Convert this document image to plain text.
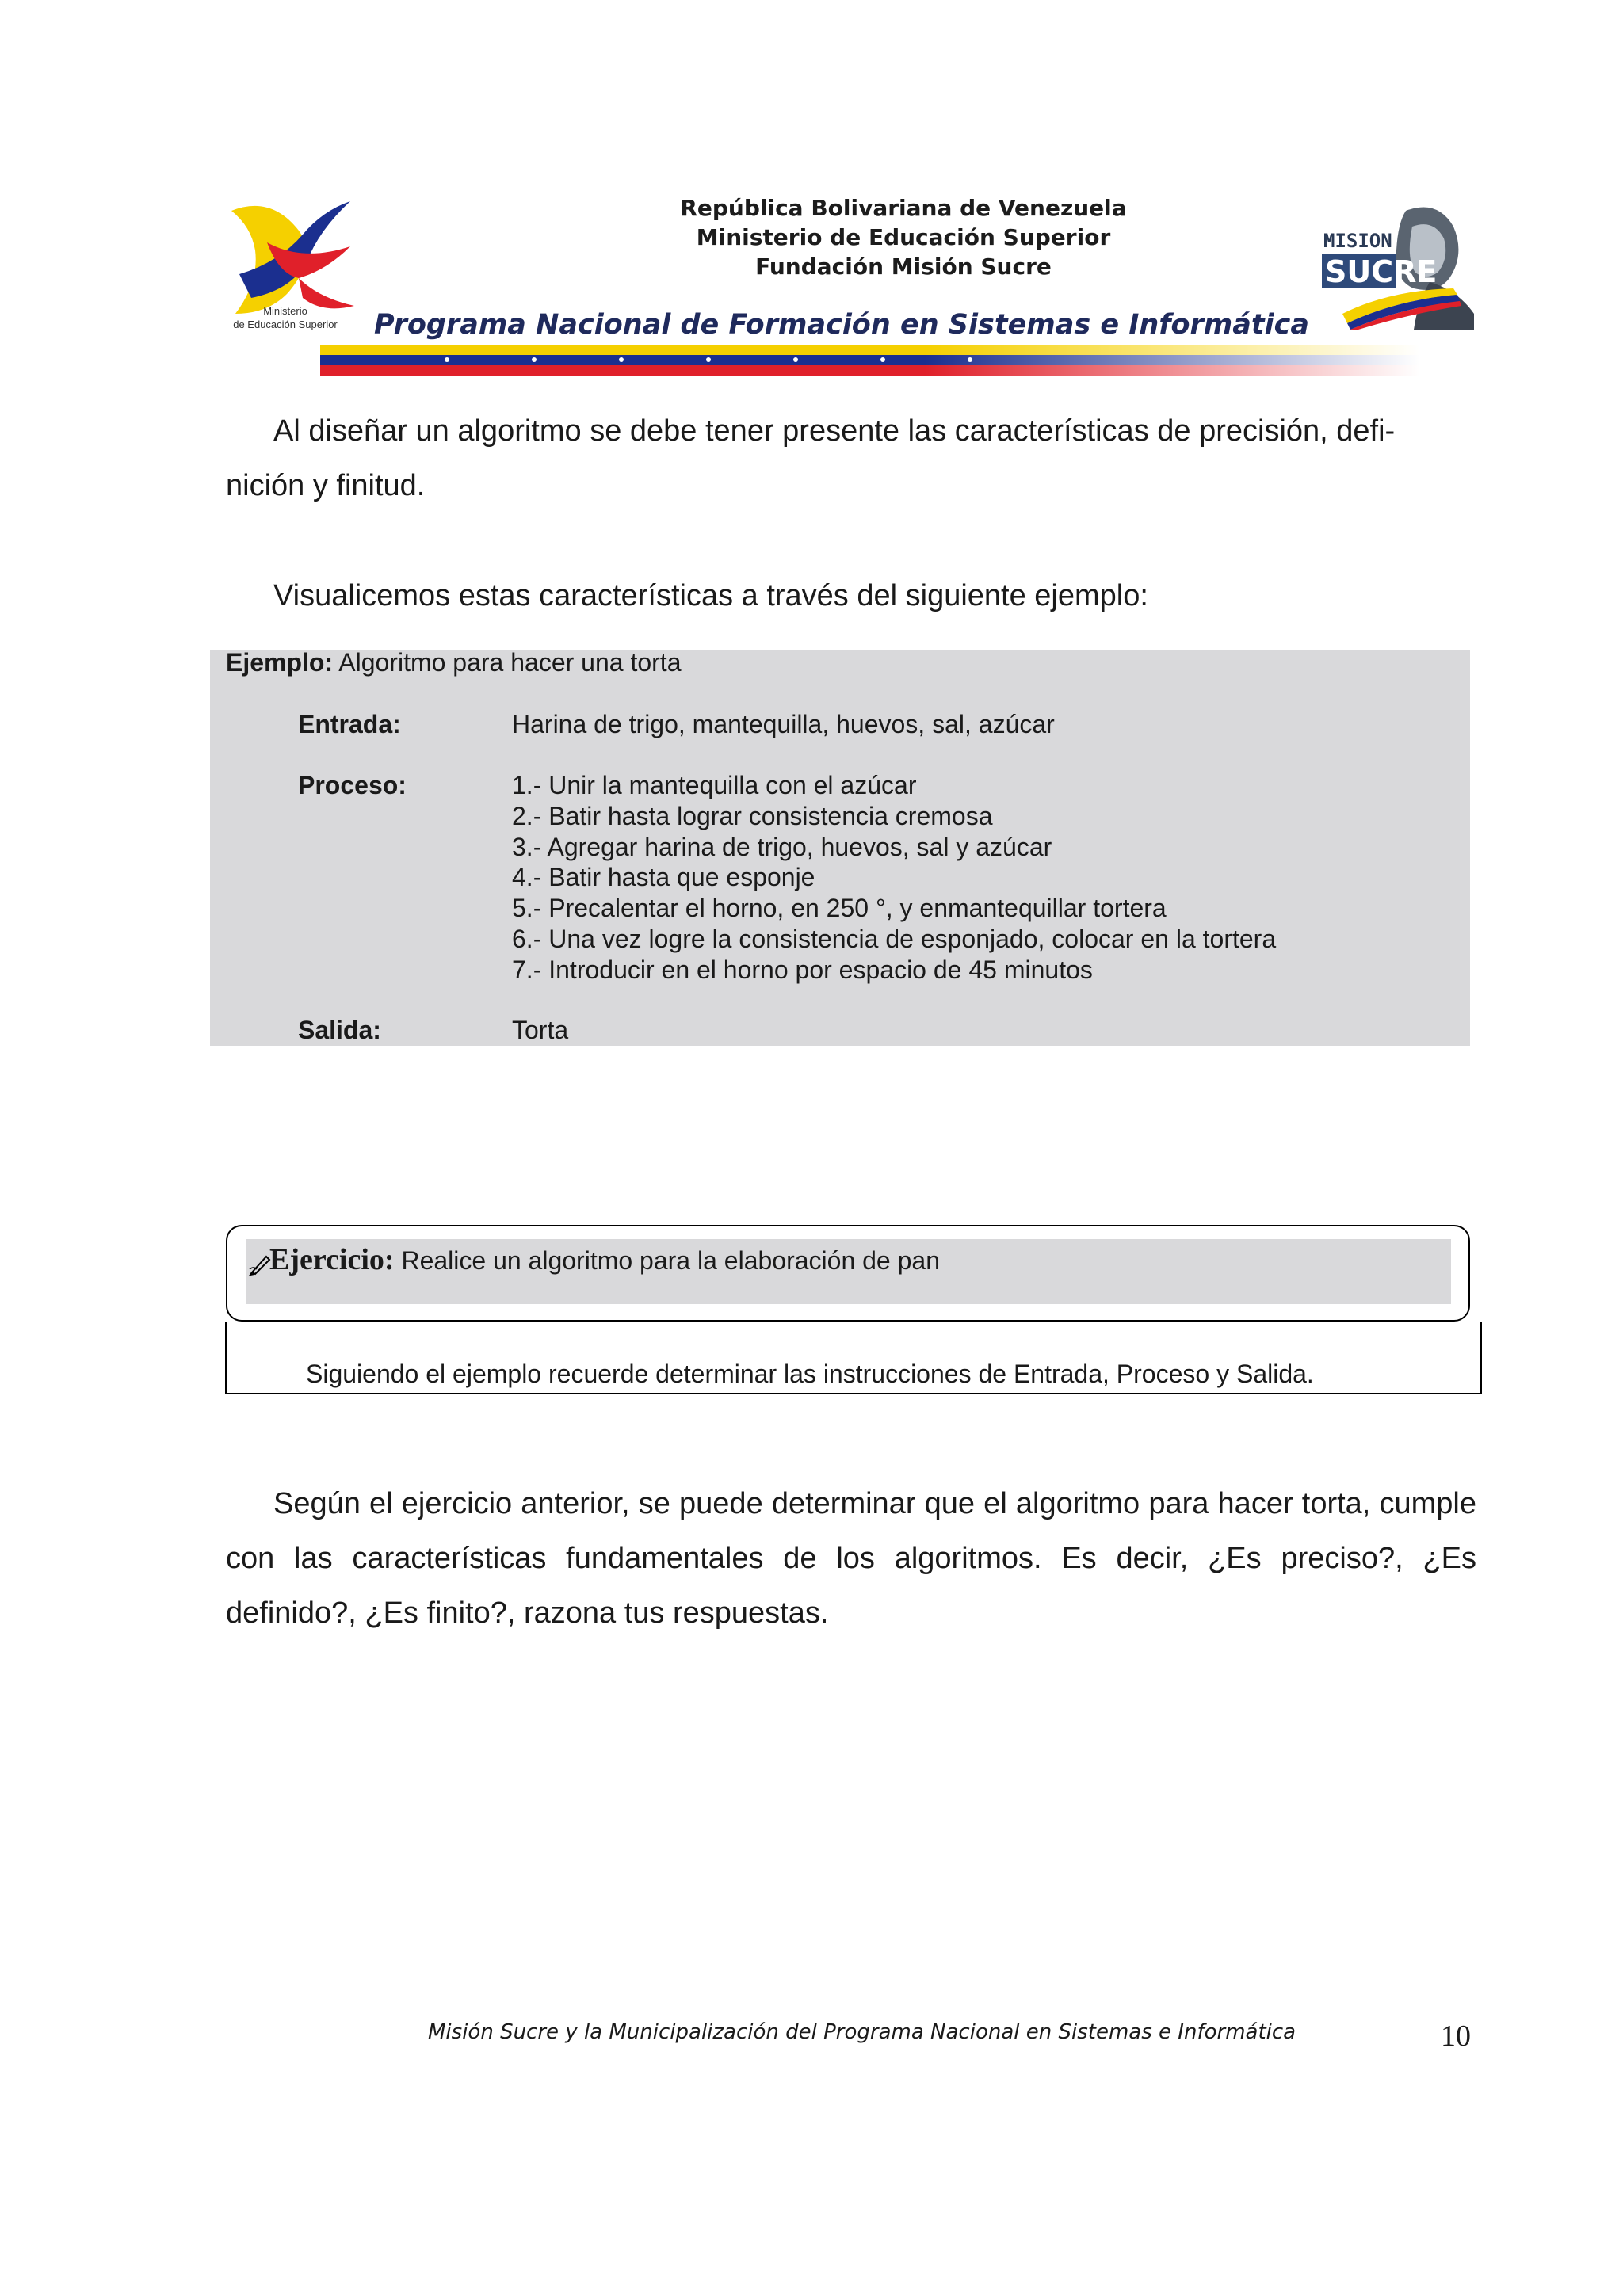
Ministerio
de Educación Superior
República Bolivariana de Venezuela
Ministerio de Educación Superior
Fundación Misión Sucre
MISION
SUCRE
Programa Nacional de Formación en Sistemas e Informática
Al diseñar un algoritmo se debe tener presente las características de precisión, defi-
nición y finitud.
Visualicemos estas características a través del siguiente ejemplo:
Ejemplo: Algoritmo para hacer una torta
Entrada:	Harina de trigo, mantequilla, huevos, sal, azúcar
Proceso:	1.- Unir la mantequilla con el azúcar
2.- Batir hasta lograr consistencia cremosa
3.- Agregar harina de trigo, huevos, sal y azúcar
4.- Batir hasta que esponje
5.- Precalentar el horno, en 250 °, y enmantequillar tortera
6.- Una vez logre la consistencia de esponjado, colocar en la tortera
7.- Introducir en el horno por espacio de 45 minutos
Salida:	Torta
Ejercicio: Realice un algoritmo para la elaboración de pan
Siguiendo el ejemplo recuerde determinar las instrucciones de Entrada, Proceso y Salida.
Según el ejercicio anterior, se puede determinar que el algoritmo para hacer torta, cumple con las características fundamentales de los algoritmos. Es decir, ¿Es preciso?, ¿Es definido?, ¿Es finito?, razona tus respuestas.
Misión Sucre y la Municipalización del Programa Nacional en Sistemas e Informática	10
